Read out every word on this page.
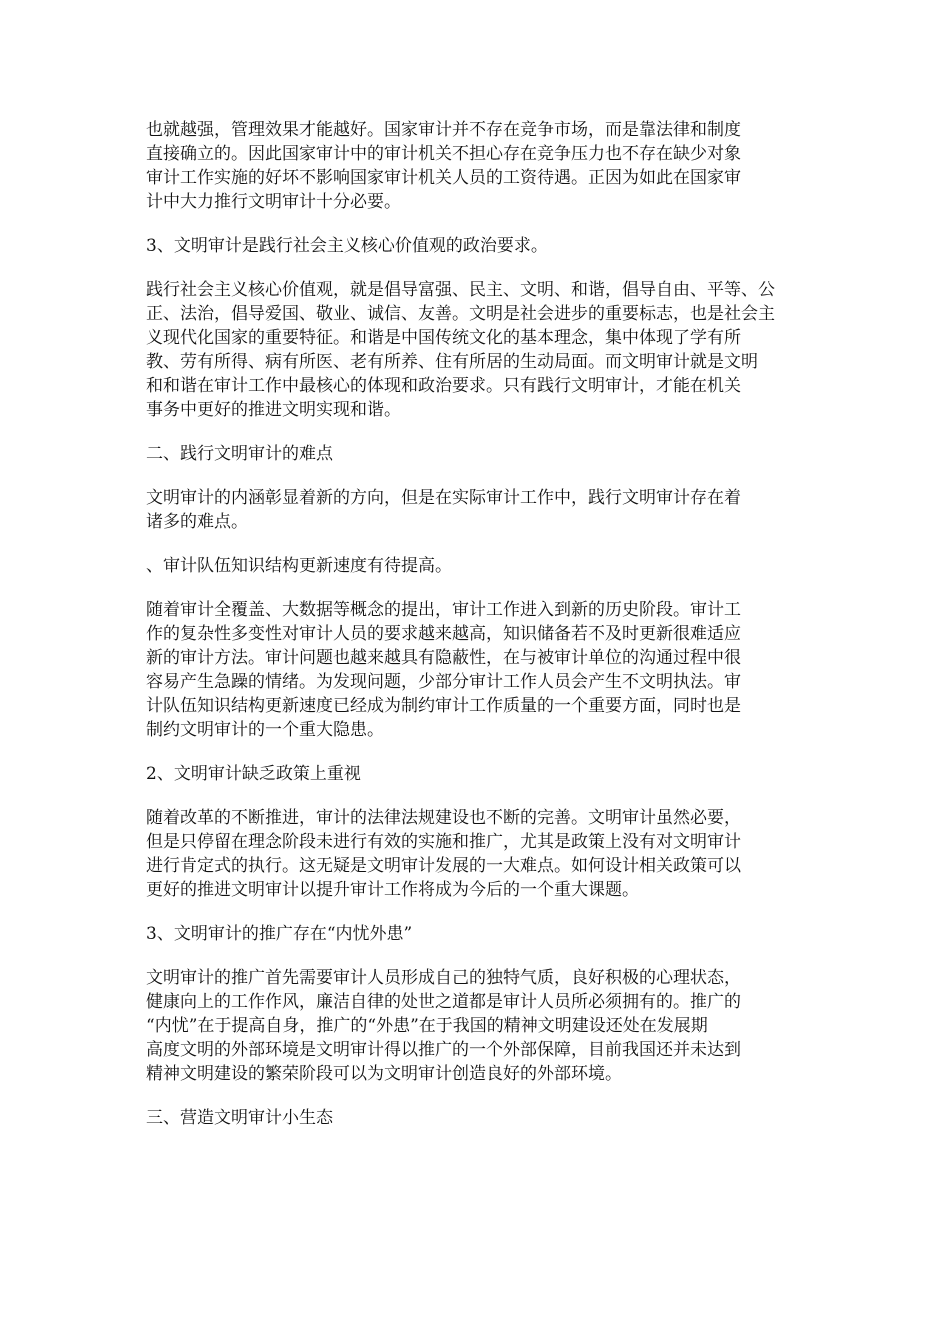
也就越强，管理效果才能越好。国家审计并不存在竞争市场，而是靠法律和制度
直接确立的。因此国家审计中的审计机关不担心存在竞争压力也不存在缺少对象
审计工作实施的好坏不影响国家审计机关人员的工资待遇。正因为如此在国家审
计中大力推行文明审计十分必要。
3、文明审计是践行社会主义核心价值观的政治要求。
践行社会主义核心价值观，就是倡导富强、民主、文明、和谐，倡导自由、平等、公
正、法治，倡导爱国、敬业、诚信、友善。文明是社会进步的重要标志，也是社会主
义现代化国家的重要特征。和谐是中国传统文化的基本理念，集中体现了学有所
教、劳有所得、病有所医、老有所养、住有所居的生动局面。而文明审计就是文明
和和谐在审计工作中最核心的体现和政治要求。只有践行文明审计，才能在机关
事务中更好的推进文明实现和谐。
二、践行文明审计的难点
文明审计的内涵彰显着新的方向，但是在实际审计工作中，践行文明审计存在着
诸多的难点。
、审计队伍知识结构更新速度有待提高。
随着审计全覆盖、大数据等概念的提出，审计工作进入到新的历史阶段。审计工
作的复杂性多变性对审计人员的要求越来越高，知识储备若不及时更新很难适应
新的审计方法。审计问题也越来越具有隐蔽性，在与被审计单位的沟通过程中很
容易产生急躁的情绪。为发现问题，少部分审计工作人员会产生不文明执法。审
计队伍知识结构更新速度已经成为制约审计工作质量的一个重要方面，同时也是
制约文明审计的一个重大隐患。
2、文明审计缺乏政策上重视
随着改革的不断推进，审计的法律法规建设也不断的完善。文明审计虽然必要，
但是只停留在理念阶段未进行有效的实施和推广，尤其是政策上没有对文明审计
进行肯定式的执行。这无疑是文明审计发展的一大难点。如何设计相关政策可以
更好的推进文明审计以提升审计工作将成为今后的一个重大课题。
3、文明审计的推广存在“内忧外患”
文明审计的推广首先需要审计人员形成自己的独特气质，良好积极的心理状态，
健康向上的工作作风，廉洁自律的处世之道都是审计人员所必须拥有的。推广的
“内忧”在于提高自身，推广的“外患”在于我国的精神文明建设还处在发展期
高度文明的外部环境是文明审计得以推广的一个外部保障，目前我国还并未达到
精神文明建设的繁荣阶段可以为文明审计创造良好的外部环境。
三、营造文明审计小生态
